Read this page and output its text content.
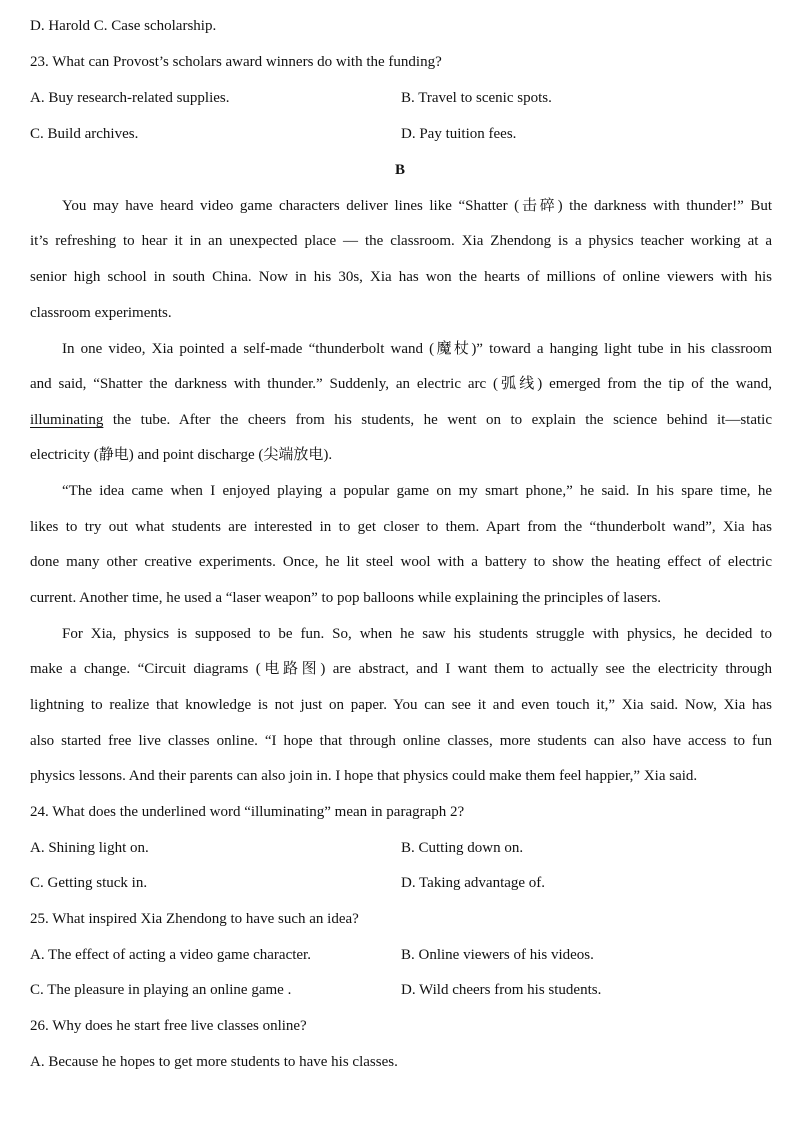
D. Harold C. Case scholarship.
23. What can Provost’s scholars award winners do with the funding?
A. Buy research-related supplies.	B. Travel to scenic spots.
C. Build archives.	D. Pay tuition fees.
B
You may have heard video game characters deliver lines like “Shatter (击碎) the darkness with thunder!” But
it’s refreshing to hear it in an unexpected place — the classroom. Xia Zhendong is a physics teacher working at a
senior high school in south China. Now in his 30s, Xia has won the hearts of millions of online viewers with his
classroom experiments.
In one video, Xia pointed a self-made “thunderbolt wand (魔杖)” toward a hanging light tube in his classroom
and said, “Shatter the darkness with thunder.” Suddenly, an electric arc (弧线) emerged from the tip of the wand,
illuminating the tube. After the cheers from his students, he went on to explain the science behind it—static
electricity (静电) and point discharge (尖端放电).
“The idea came when I enjoyed playing a popular game on my smart phone,” he said. In his spare time, he
likes to try out what students are interested in to get closer to them. Apart from the “thunderbolt wand”, Xia has
done many other creative experiments. Once, he lit steel wool with a battery to show the heating effect of electric
current. Another time, he used a “laser weapon” to pop balloons while explaining the principles of lasers.
For Xia, physics is supposed to be fun. So, when he saw his students struggle with physics, he decided to
make a change. “Circuit diagrams (电路图) are abstract, and I want them to actually see the electricity through
lightning to realize that knowledge is not just on paper. You can see it and even touch it,” Xia said. Now, Xia has
also started free live classes online. “I hope that through online classes, more students can also have access to fun
physics lessons. And their parents can also join in. I hope that physics could make them feel happier,” Xia said.
24. What does the underlined word “illuminating” mean in paragraph 2?
A. Shining light on.	B. Cutting down on.
C. Getting stuck in.	D. Taking advantage of.
25. What inspired Xia Zhendong to have such an idea?
A. The effect of acting a video game character.	B. Online viewers of his videos.
C. The pleasure in playing an online game .	D. Wild cheers from his students.
26. Why does he start free live classes online?
A. Because he hopes to get more students to have his classes.
